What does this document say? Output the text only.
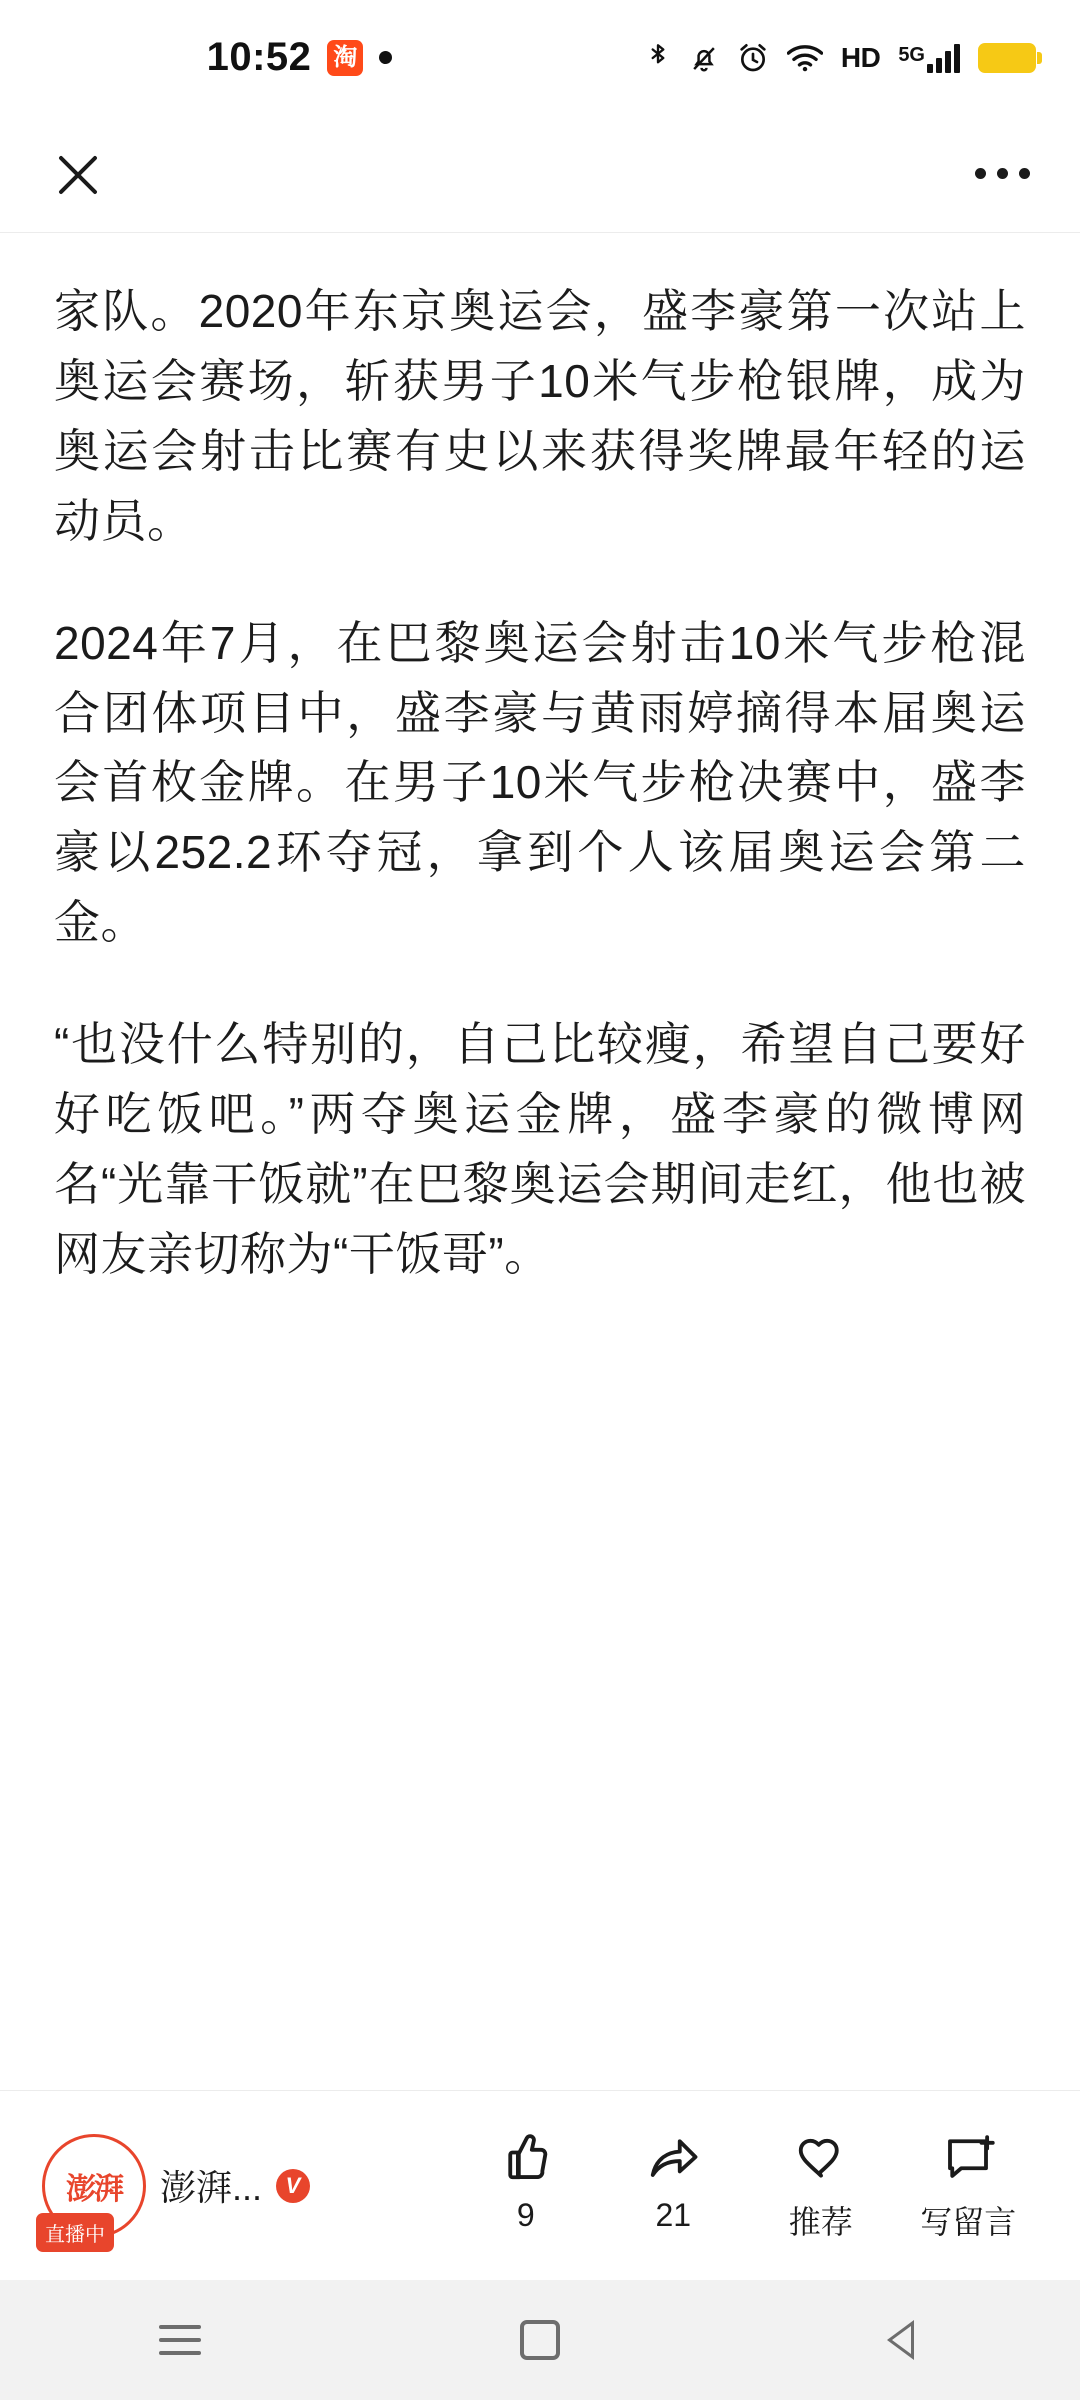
10:52 淘	HD 5G

家队。2020年东京奥运会，盛李豪第一次站上奥运会赛场，斩获男子10米气步枪银牌，成为奥运会射击比赛有史以来获得奖牌最年轻的运动员。

2024年7月，在巴黎奥运会射击10米气步枪混合团体项目中，盛李豪与黄雨婷摘得本届奥运会首枚金牌。在男子10米气步枪决赛中，盛李豪以252.2环夺冠，拿到个人该届奥运会第二金。

“也没什么特别的，自己比较瘦，希望自己要好好吃饭吧。”两夺奥运金牌，盛李豪的微博网名“光靠干饭就”在巴黎奥运会期间走红，他也被网友亲切称为“干饭哥”。

澎湃
直播中
澎湃...	V
9	21	推荐 写留言
